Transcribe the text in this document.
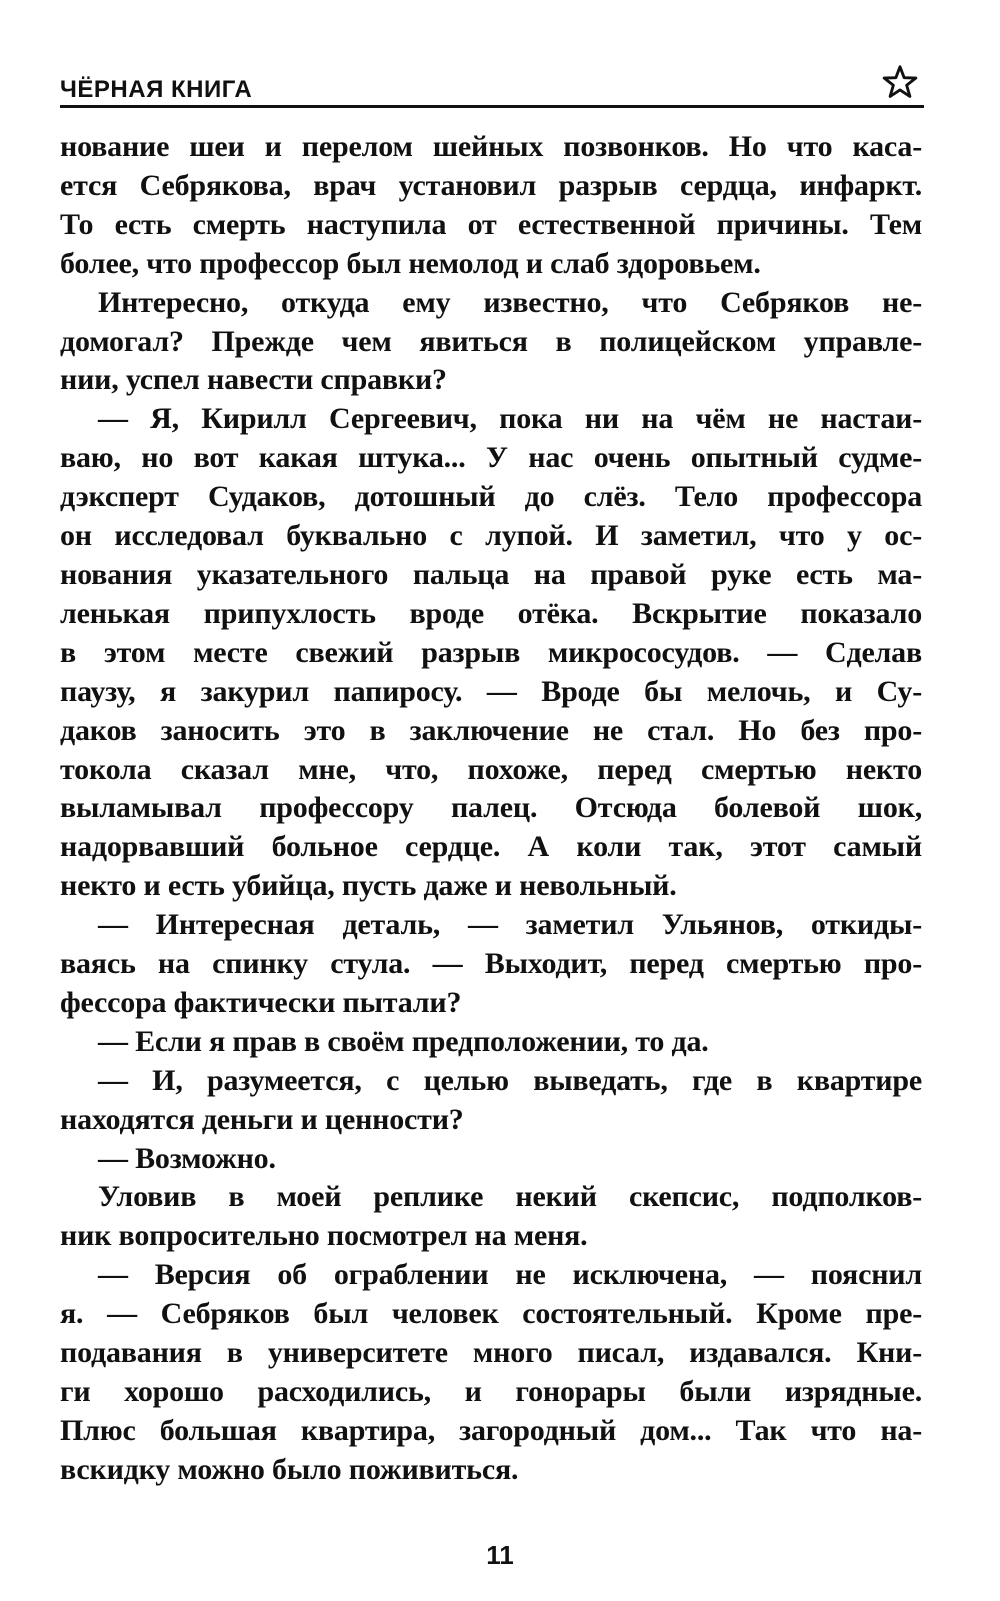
ЧЁРНАЯ КНИГА
нование шеи и перелом шейных позвонков. Но что каса-
ется Себрякова, врач установил разрыв сердца, инфаркт.
То есть смерть наступила от естественной причины. Тем
более, что профессор был немолод и слаб здоровьем.
Интересно, откуда ему известно, что Себряков не-
домогал? Прежде чем явиться в полицейском управле-
нии, успел навести справки?
— Я, Кирилл Сергеевич, пока ни на чём не настаи-
ваю, но вот какая штука... У нас очень опытный судме-
дэксперт Судаков, дотошный до слёз. Тело профессора
он исследовал буквально с лупой. И заметил, что у ос-
нования указательного пальца на правой руке есть ма-
ленькая припухлость вроде отёка. Вскрытие показало
в этом месте свежий разрыв микрососудов. — Сделав
паузу, я закурил папиросу. — Вроде бы мелочь, и Су-
даков заносить это в заключение не стал. Но без про-
токола сказал мне, что, похоже, перед смертью некто
выламывал профессору палец. Отсюда болевой шок,
надорвавший больное сердце. А коли так, этот самый
некто и есть убийца, пусть даже и невольный.
— Интересная деталь, — заметил Ульянов, откиды-
ваясь на спинку стула. — Выходит, перед смертью про-
фессора фактически пытали?
— Если я прав в своём предположении, то да.
— И, разумеется, с целью выведать, где в квартире
находятся деньги и ценности?
— Возможно.
Уловив в моей реплике некий скепсис, подполков-
ник вопросительно посмотрел на меня.
— Версия об ограблении не исключена, — пояснил
я. — Себряков был человек состоятельный. Кроме пре-
подавания в университете много писал, издавался. Кни-
ги хорошо расходились, и гонорары были изрядные.
Плюс большая квартира, загородный дом... Так что на-
вскидку можно было поживиться.
11
